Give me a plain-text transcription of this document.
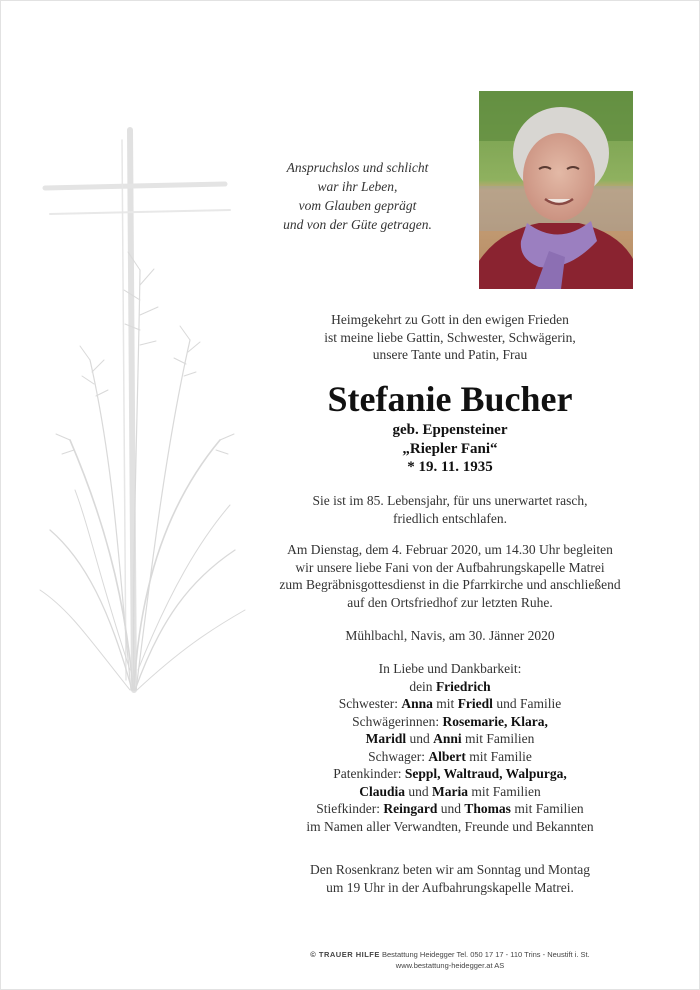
Anspruchslos und schlicht
war ihr Leben,
vom Glauben geprägt
und von der Güte getragen.
Heimgekehrt zu Gott in den ewigen Frieden
ist meine liebe Gattin, Schwester, Schwägerin,
unsere Tante und Patin, Frau
Stefanie Bucher
geb. Eppensteiner
„Riepler Fani“
* 19. 11. 1935
Sie ist im 85. Lebensjahr, für uns unerwartet rasch,
friedlich entschlafen.
Am Dienstag, dem 4. Februar 2020, um 14.30 Uhr begleiten
wir unsere liebe Fani von der Aufbahrungskapelle Matrei
zum Begräbnisgottesdienst in die Pfarrkirche und anschließend
auf den Ortsfriedhof zur letzten Ruhe.
Mühlbachl, Navis, am 30. Jänner 2020
In Liebe und Dankbarkeit:
dein Friedrich
Schwester: Anna mit Friedl und Familie
Schwägerinnen: Rosemarie, Klara,
Maridl und Anni mit Familien
Schwager: Albert mit Familie
Patenkinder: Seppl, Waltraud, Walpurga,
Claudia und Maria mit Familien
Stiefkinder: Reingard und Thomas mit Familien
im Namen aller Verwandten, Freunde und Bekannten
Den Rosenkranz beten wir am Sonntag und Montag
um 19 Uhr in der Aufbahrungskapelle Matrei.
© TRAUER HILFE Bestattung Heidegger Tel. 050 17 17 - 110 Trins - Neustift i. St.
www.bestattung-heidegger.at AS
